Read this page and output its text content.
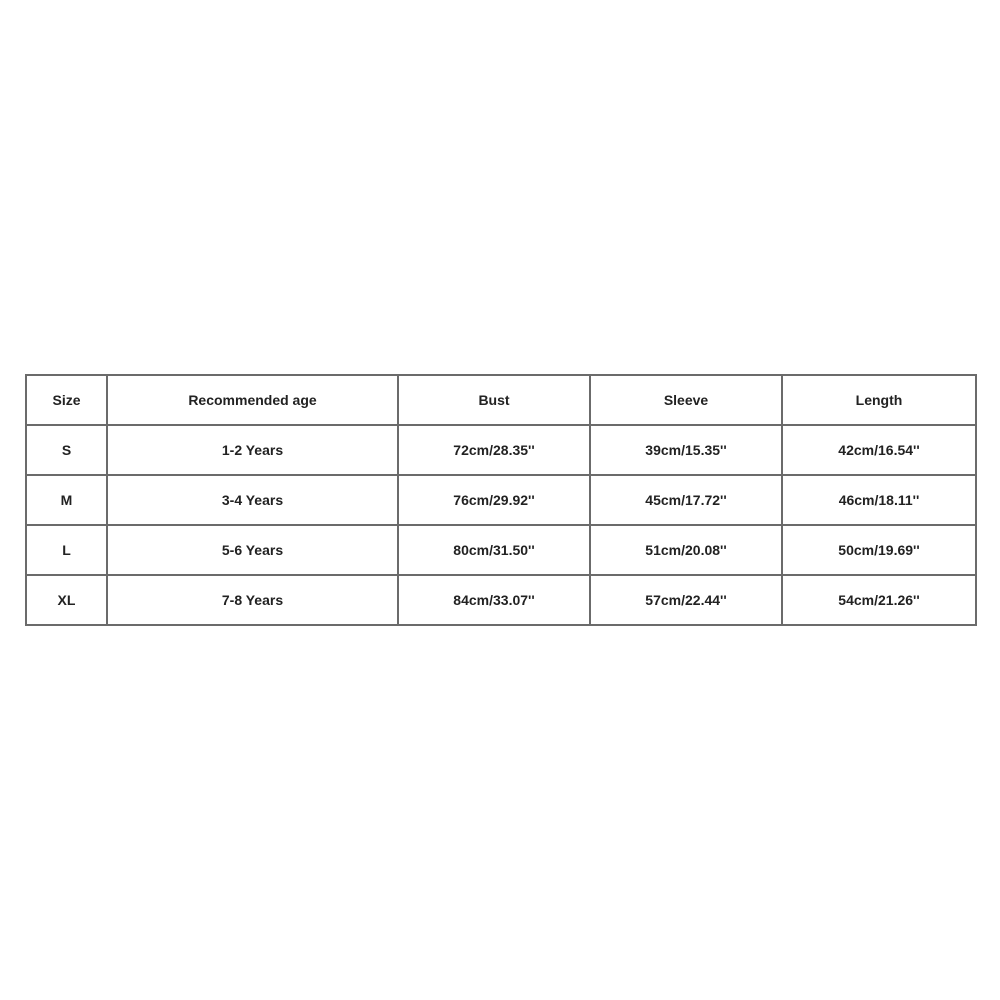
Size	Recommended age	Bust	Sleeve	Length
S	1-2 Years	72cm/28.35''	39cm/15.35''	42cm/16.54''
M	3-4 Years	76cm/29.92''	45cm/17.72''	46cm/18.11''
L	5-6 Years	80cm/31.50''	51cm/20.08''	50cm/19.69''
XL	7-8 Years	84cm/33.07''	57cm/22.44''	54cm/21.26''
